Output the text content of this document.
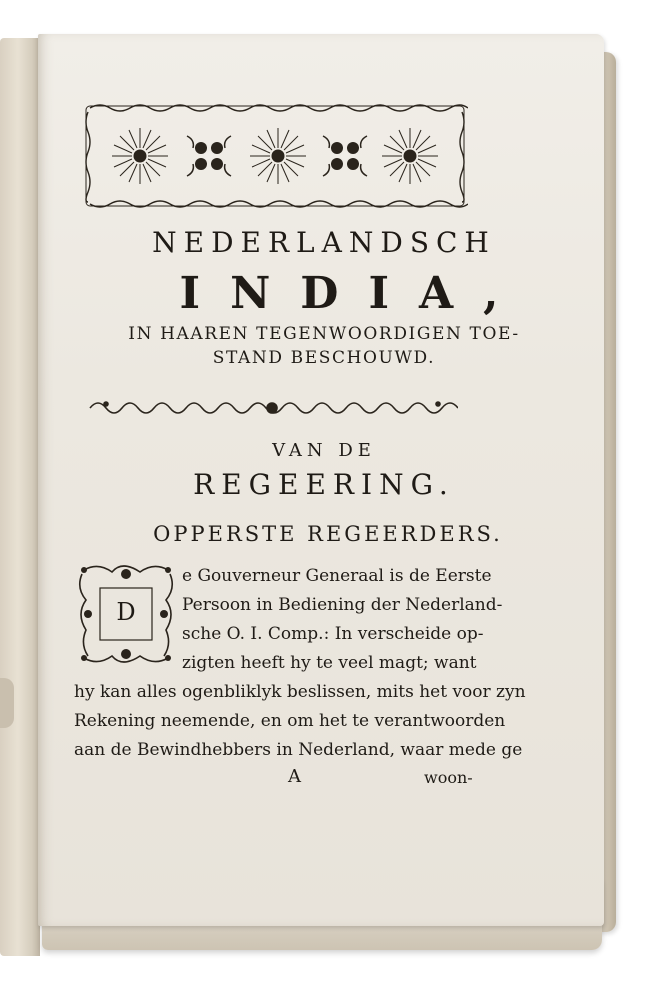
NEDERLANDSCH
INDIA,
IN HAAREN TEGENWOORDIGEN TOE-
STAND BESCHOUWD.
VAN DE
REGEERING.
OPPERSTE REGEERDERS.
D
e Gouverneur Generaal is de Eerste
Persoon in Bediening der Nederland-
sche O. I. Comp.: In verscheide op-
zigten heeft hy te veel magt; want
hy kan alles ogenbliklyk beslissen, mits het voor zyn
Rekening neemende, en om het te verantwoorden
aan de Bewindhebbers in Nederland, waar mede ge
A	woon-
